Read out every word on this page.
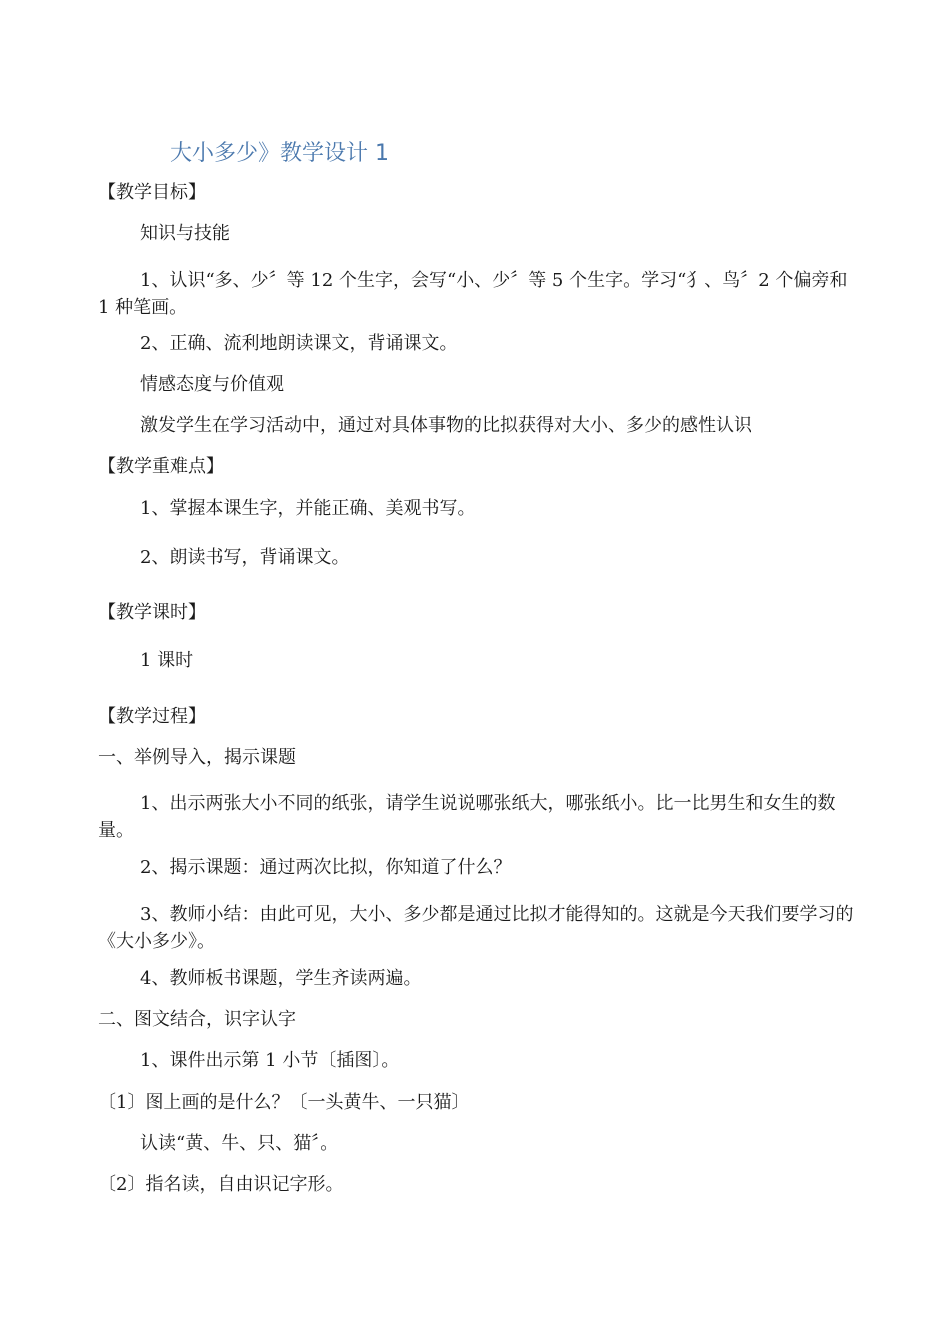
大小多少》教学设计 1
【教学目标】
知识与技能
1、认识“多、少〞等 12 个生字，会写“小、少〞等 5 个生字。学习“犭、鸟〞2 个偏旁和 1 种笔画。
2、正确、流利地朗读课文，背诵课文。
情感态度与价值观
激发学生在学习活动中，通过对具体事物的比拟获得对大小、多少的感性认识
【教学重难点】
1、掌握本课生字，并能正确、美观书写。
2、朗读书写，背诵课文。
【教学课时】
1 课时
【教学过程】
一、举例导入，揭示课题
1、出示两张大小不同的纸张，请学生说说哪张纸大，哪张纸小。比一比男生和女生的数量。
2、揭示课题：通过两次比拟，你知道了什么？
3、教师小结：由此可见，大小、多少都是通过比拟才能得知的。这就是今天我们要学习的《大小多少》。
4、教师板书课题，学生齐读两遍。
二、图文结合，识字认字
1、课件出示第 1 小节〔插图〕。
〔1〕图上画的是什么？〔一头黄牛、一只猫〕
认读“黄、牛、只、猫〞。
〔2〕指名读，自由识记字形。
